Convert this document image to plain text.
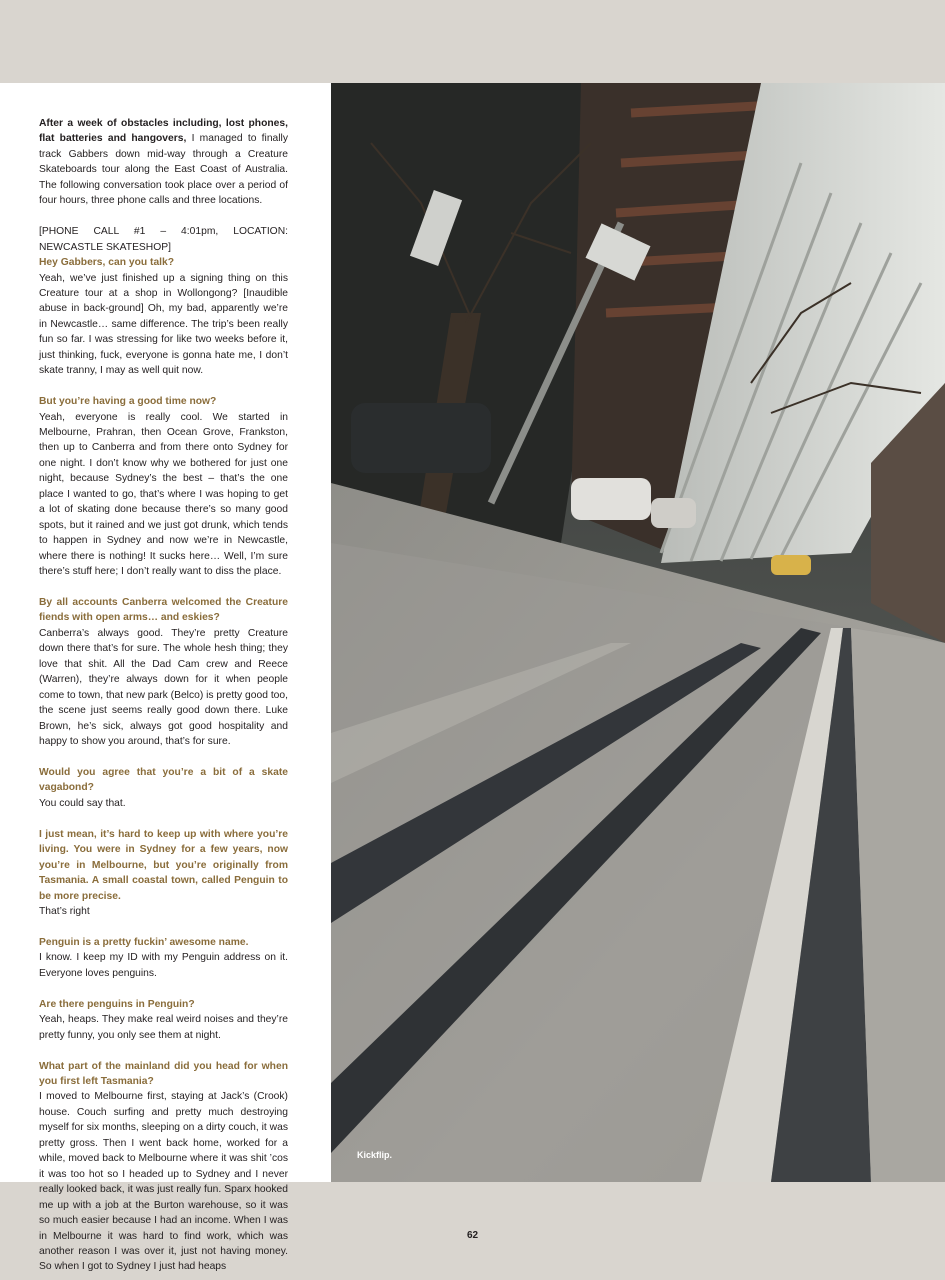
After a week of obstacles including, lost phones, flat batteries and hangovers, I managed to finally track Gabbers down mid-way through a Creature Skateboards tour along the East Coast of Australia. The following conversation took place over a period of four hours, three phone calls and three locations.

[PHONE CALL #1 – 4:01pm, LOCATION: NEWCASTLE SKATESHOP]
Hey Gabbers, can you talk?

Yeah, we’ve just finished up a signing thing on this Creature tour at a shop in Wollongong? [Inaudible abuse in back-ground] Oh, my bad, apparently we’re in Newcastle… same difference. The trip’s been really fun so far. I was stressing for like two weeks before it, just thinking, fuck, everyone is gonna hate me, I don’t skate tranny, I may as well quit now.

But you’re having a good time now?

Yeah, everyone is really cool. We started in Melbourne, Prahran, then Ocean Grove, Frankston, then up to Canberra and from there onto Sydney for one night. I don’t know why we bothered for just one night, because Sydney’s the best – that’s the one place I wanted to go, that’s where I was hoping to get a lot of skating done because there’s so many good spots, but it rained and we just got drunk, which tends to happen in Sydney and now we’re in Newcastle, where there is nothing! It sucks here… Well, I’m sure there’s stuff here; I don’t really want to diss the place.

By all accounts Canberra welcomed the Creature fiends with open arms… and eskies?

Canberra’s always good. They’re pretty Creature down there that’s for sure. The whole hesh thing; they love that shit. All the Dad Cam crew and Reece (Warren), they’re always down for it when people come to town, that new park (Belco) is pretty good too, the scene just seems really good down there. Luke Brown, he’s sick, always got good hospitality and happy to show you around, that’s for sure.

Would you agree that you’re a bit of a skate vagabond?

You could say that.

I just mean, it’s hard to keep up with where you’re living. You were in Sydney for a few years, now you’re in Melbourne, but you’re originally from Tasmania. A small coastal town, called Penguin to be more precise.

That’s right

Penguin is a pretty fuckin’ awesome name.

I know. I keep my ID with my Penguin address on it. Everyone loves penguins.

Are there penguins in Penguin?

Yeah, heaps. They make real weird noises and they’re pretty funny, you only see them at night.

What part of the mainland did you head for when you first left Tasmania?

I moved to Melbourne first, staying at Jack’s (Crook) house. Couch surfing and pretty much destroying myself for six months, sleeping on a dirty couch, it was pretty gross. Then I went back home, worked for a while, moved back to Melbourne where it was shit ’cos it was too hot so I headed up to Sydney and I never really looked back, it was just really fun. Sparx hooked me up with a job at the Burton warehouse, so it was so much easier because I had an income. When I was in Melbourne it was hard to find work, which was another reason I was over it, just not having money. So when I got to Sydney I just had heaps

Kickflip.
62
